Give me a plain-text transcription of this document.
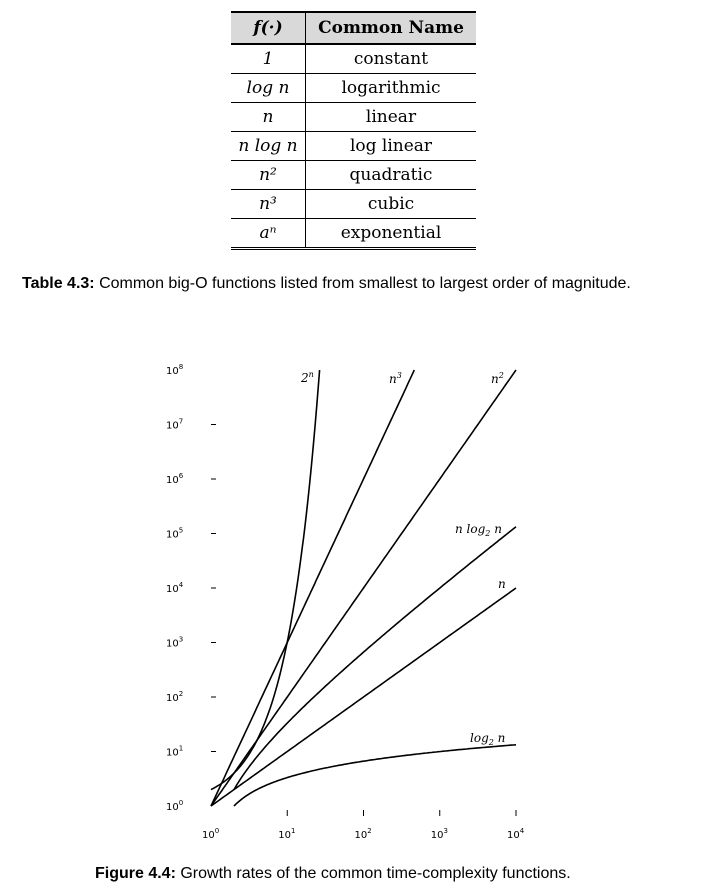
f(·)	Common Name
1	constant
log n	logarithmic
n	linear
n log n	log linear
n²	quadratic
n³	cubic
aⁿ	exponential
Table 4.3: Common big-O functions listed from smallest to largest order of magnitude.
$10^0$
$10^1$
$10^2$
$10^3$
$10^4$
$10^5$
$10^6$
$10^7$
$10^8$
$10^0$	$10^1$	$10^2$	$10^3$	$10^4$
2$^n$	$n^3$	$n^2$
n $\log_2 n$
n
$\log_2 n$
Figure 4.4: Growth rates of the common time-complexity functions.
